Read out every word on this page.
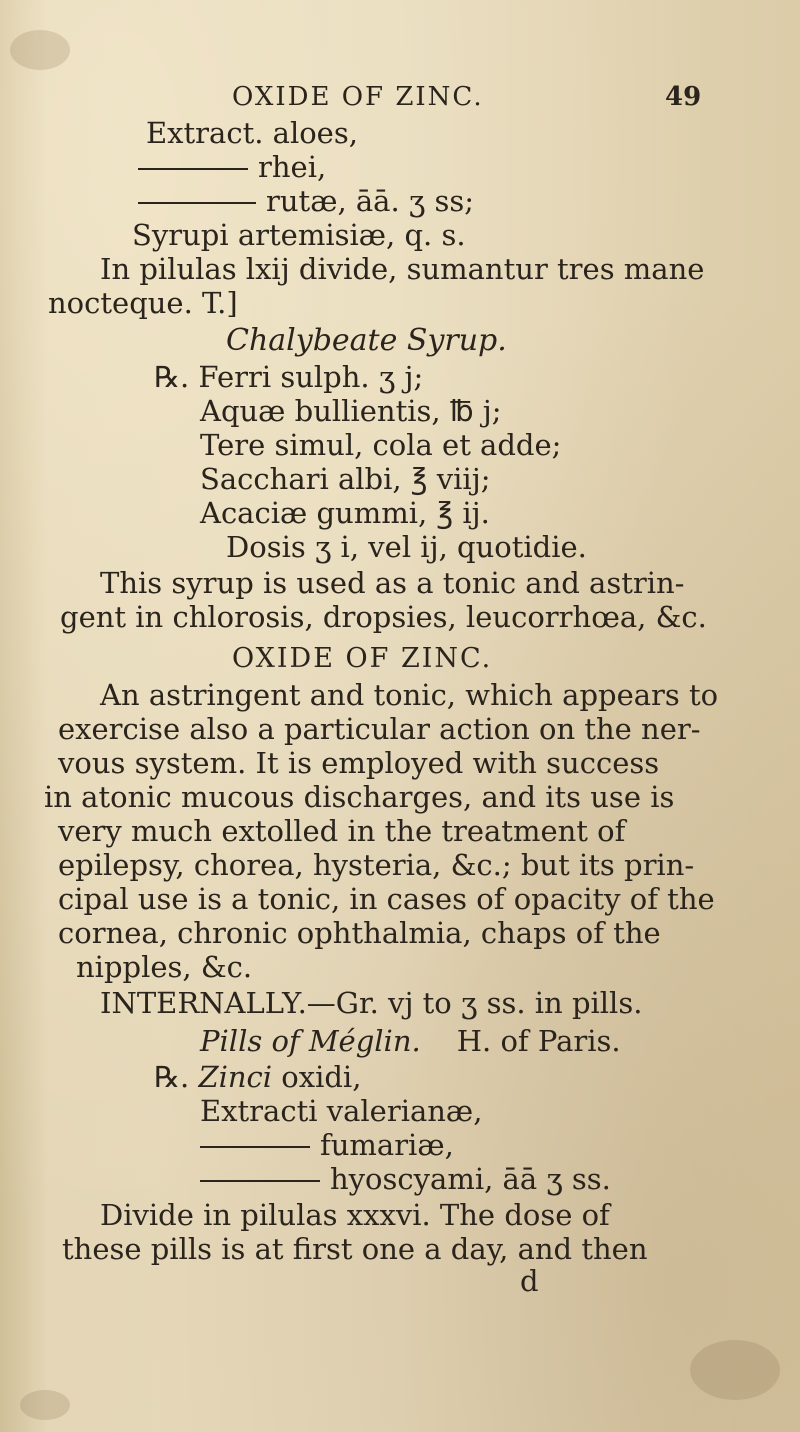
OXIDE OF ZINC.	49
Extract. aloes,
rhei,
rutæ, āā. ʒ ss;
Syrupi artemisiæ, q. s.
In pilulas lxij divide, sumantur tres mane
nocteque. T.]
Chalybeate Syrup.
℞. Ferri sulph. ʒ j;
Aquæ bullientis, ℔ j;
Tere simul, cola et adde;
Sacchari albi, ℥ viij;
Acaciæ gummi, ℥ ij.
Dosis ʒ i, vel ij, quotidie.
This syrup is used as a tonic and astrin-
gent in chlorosis, dropsies, leucorrhœa, &c.
OXIDE OF ZINC.
An astringent and tonic, which appears to
exercise also a particular action on the ner-
vous system. It is employed with success
in atonic mucous discharges, and its use is
very much extolled in the treatment of
epilepsy, chorea, hysteria, &c.; but its prin-
cipal use is a tonic, in cases of opacity of the
cornea, chronic ophthalmia, chaps of the
nipples, &c.
INTERNALLY.—Gr. vj to ʒ ss. in pills.
Pills of Méglin. H. of Paris.
℞. Zinci oxidi,
Extracti valerianæ,
fumariæ,
hyoscyami, āā ʒ ss.
Divide in pilulas xxxvi. The dose of
these pills is at first one a day, and then
d
